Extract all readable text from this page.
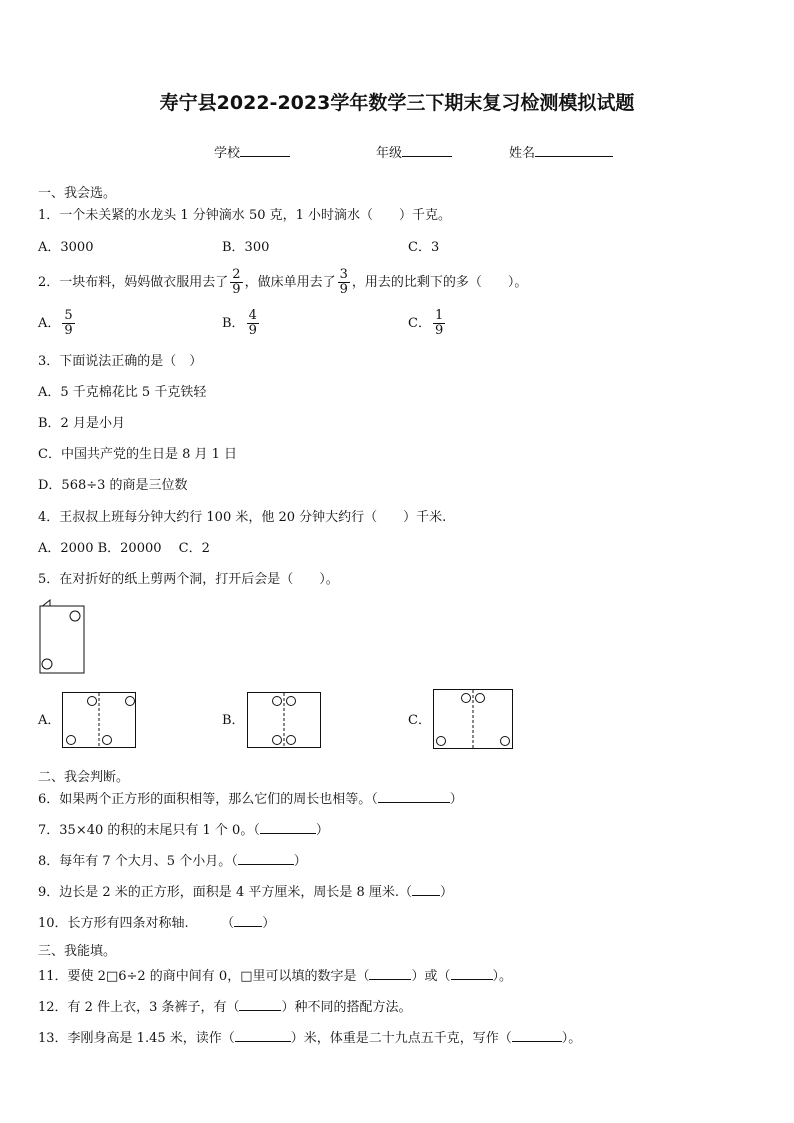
寿宁县2022-2023学年数学三下期末复习检测模拟试题
学校	年级	姓名
一、我会选。
1．一个未关紧的水龙头 1 分钟滴水 50 克，1 小时滴水（　　）千克。
A．3000	B．300	C．3
2．一块布料，妈妈做衣服用去了 $\frac{2}{9}$ ，做床单用去了 $\frac{3}{9}$ ，用去的比剩下的多（　　）。
A． $\frac{5}{9}$	B． $\frac{4}{9}$	C． $\frac{1}{9}$
3．下面说法正确的是（　）
A．5 千克棉花比 5 千克铁轻
B．2 月是小月
C．中国共产党的生日是 8 月 1 日
D．568÷3 的商是三位数
4．王叔叔上班每分钟大约行 100 米，他 20 分钟大约行（　　）千米.
A．2000 B．20000　 C．2
5．在对折好的纸上剪两个洞，打开后会是（　　）。
A．	B．	C．
二、我会判断。
6．如果两个正方形的面积相等，那么它们的周长也相等。（	）
7．35×40 的积的末尾只有 1 个 0。（	）
8．每年有 7 个大月、5 个小月。（	）
9．边长是 2 米的正方形，面积是 4 平方厘米，周长是 8 厘米.（ ）
10．长方形有四条对称轴.　　　（ ）
三、我能填。
11．要使 2□6÷2 的商中间有 0，□里可以填的数字是（	）或（	）。
12．有 2 件上衣，3 条裤子，有（	）种不同的搭配方法。
13．李刚身高是 1.45 米，读作（	）米，体重是二十九点五千克，写作（	）。
